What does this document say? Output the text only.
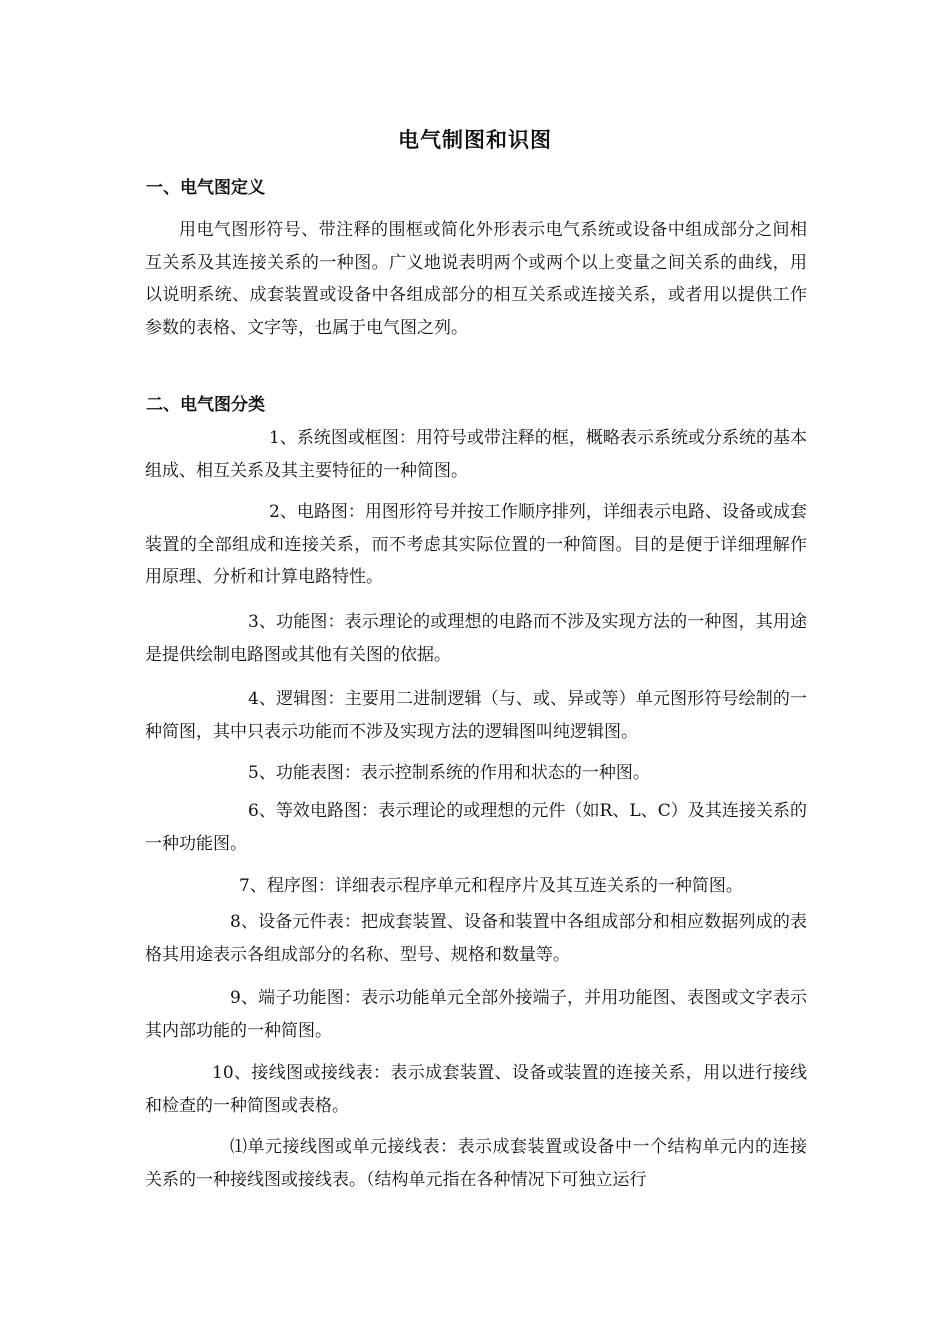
电气制图和识图
一、电气图定义
用电气图形符号、带注释的围框或简化外形表示电气系统或设备中组成部分之间相互关系及其连接关系的一种图。广义地说表明两个或两个以上变量之间关系的曲线，用以说明系统、成套装置或设备中各组成部分的相互关系或连接关系，或者用以提供工作参数的表格、文字等，也属于电气图之列。
二、电气图分类
1、系统图或框图：用符号或带注释的框，概略表示系统或分系统的基本组成、相互关系及其主要特征的一种简图。
2、电路图：用图形符号并按工作顺序排列，详细表示电路、设备或成套装置的全部组成和连接关系，而不考虑其实际位置的一种简图。目的是便于详细理解作用原理、分析和计算电路特性。
3、功能图：表示理论的或理想的电路而不涉及实现方法的一种图，其用途是提供绘制电路图或其他有关图的依据。
4、逻辑图：主要用二进制逻辑（与、或、异或等）单元图形符号绘制的一种简图，其中只表示功能而不涉及实现方法的逻辑图叫纯逻辑图。
5、功能表图：表示控制系统的作用和状态的一种图。
6、等效电路图：表示理论的或理想的元件（如R、L、C）及其连接关系的一种功能图。
7、程序图：详细表示程序单元和程序片及其互连关系的一种简图。
8、设备元件表：把成套装置、设备和装置中各组成部分和相应数据列成的表格其用途表示各组成部分的名称、型号、规格和数量等。
9、端子功能图：表示功能单元全部外接端子，并用功能图、表图或文字表示其内部功能的一种简图。
10、接线图或接线表：表示成套装置、设备或装置的连接关系，用以进行接线和检查的一种简图或表格。
⑴单元接线图或单元接线表：表示成套装置或设备中一个结构单元内的连接关系的一种接线图或接线表。（结构单元指在各种情况下可独立运行
